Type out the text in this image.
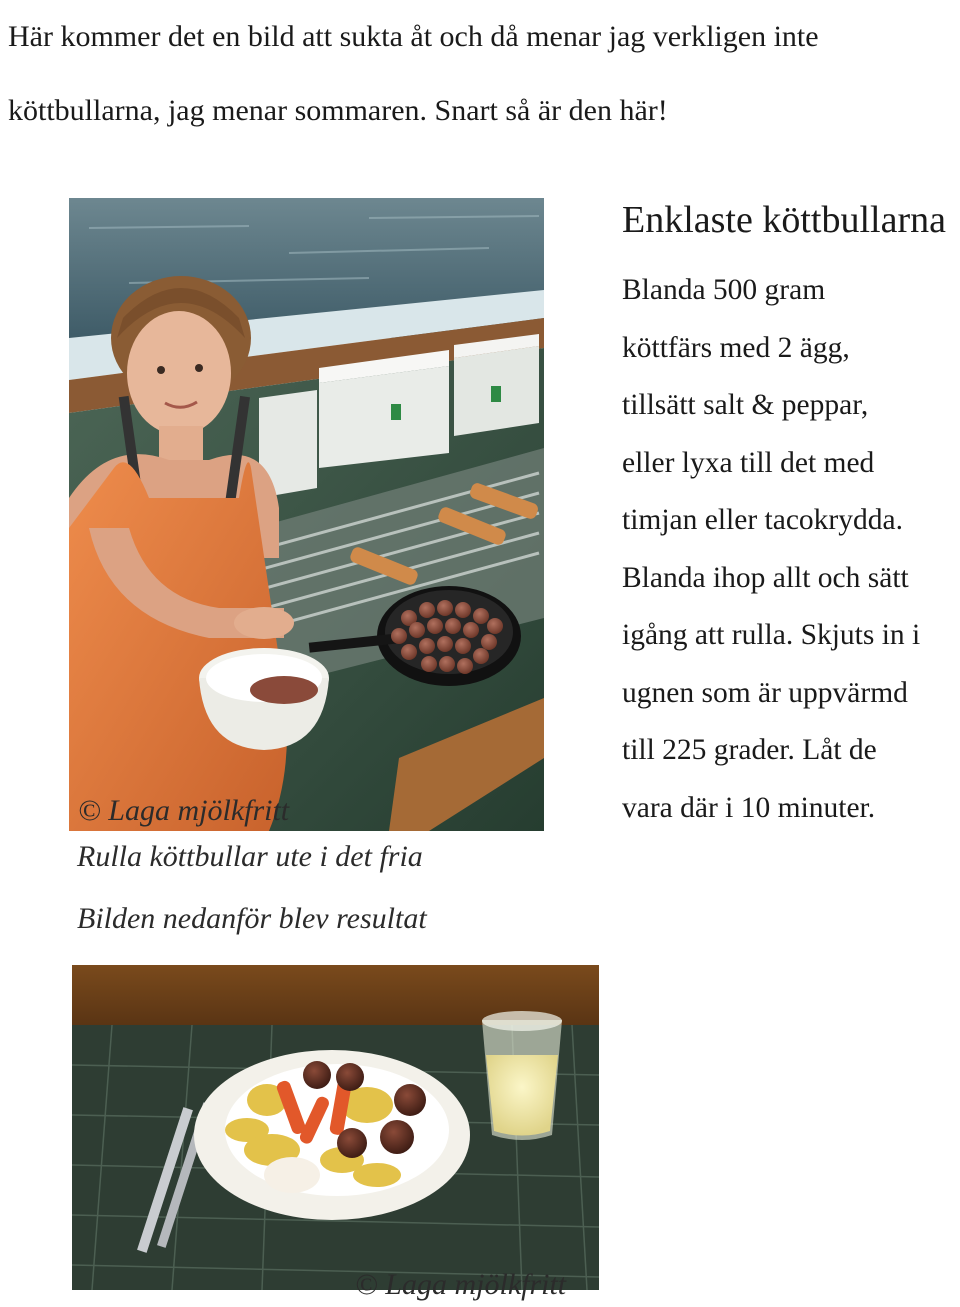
Här kommer det en bild att sukta åt och då menar jag verkligen inte
köttbullarna, jag menar sommaren. Snart så är den här!
© Laga mjölkfritt
Rulla köttbullar ute i det fria
Bilden nedanför blev resultat
© Laga mjölkfritt
Enklaste köttbullarna
Blanda 500 gram
köttfärs med 2 ägg,
tillsätt salt & peppar,
eller lyxa till det med
timjan eller tacokrydda.
Blanda ihop allt och sätt
igång att rulla. Skjuts in i
ugnen som är uppvärmd
till 225 grader. Låt de
vara där i 10 minuter.
